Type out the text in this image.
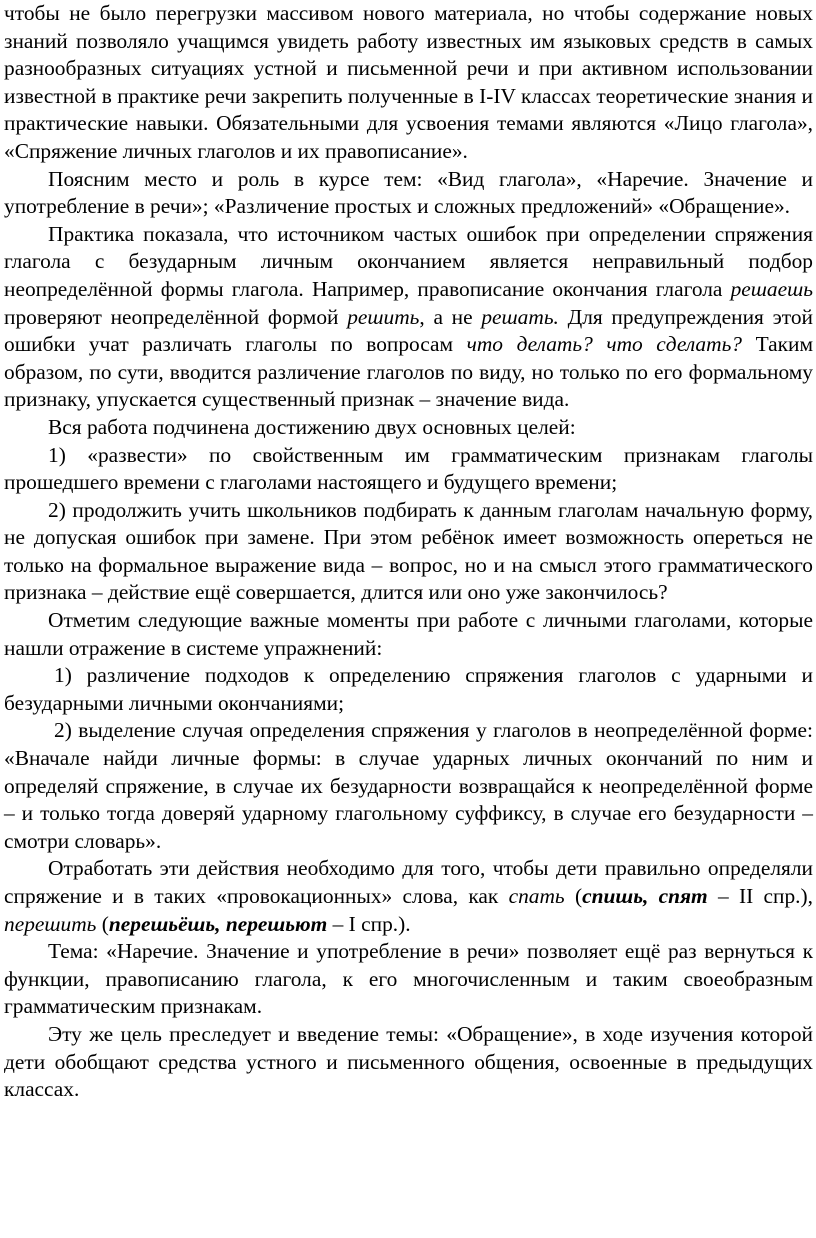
чтобы не было перегрузки массивом нового материала, но чтобы содержание новых знаний позволяло учащимся увидеть работу известных им языковых средств в самых разнообразных ситуациях устной и письменной речи и при активном использовании известной в практике речи закрепить полученные в I-IV классах теоретические знания и практические навыки. Обязательными для усвоения темами являются «Лицо глагола», «Спряжение личных глаголов и их правописание».

Поясним место и роль в курсе тем: «Вид глагола», «Наречие. Значение и употребление в речи»; «Различение простых и сложных предложений» «Обращение».

Практика показала, что источником частых ошибок при определении спряжения глагола с безударным личным окончанием является неправильный подбор неопределённой формы глагола. Например, правописание окончания глагола решаешь проверяют неопределённой формой решить, а не решать. Для предупреждения этой ошибки учат различать глаголы по вопросам что делать? что сделать? Таким образом, по сути, вводится различение глаголов по виду, но только по его формальному признаку, упускается существенный признак – значение вида.

Вся работа подчинена достижению двух основных целей:

1) «развести» по свойственным им грамматическим признакам глаголы прошедшего времени с глаголами настоящего и будущего времени;

2) продолжить учить школьников подбирать к данным глаголам начальную форму, не допуская ошибок при замене. При этом ребёнок имеет возможность опереться не только на формальное выражение вида – вопрос, но и на смысл этого грамматического признака – действие ещё совершается, длится или оно уже закончилось?

Отметим следующие важные моменты при работе с личными глаголами, которые нашли отражение в системе упражнений:

1) различение подходов к определению спряжения глаголов с ударными и безударными личными окончаниями;

2) выделение случая определения спряжения у глаголов в неопределённой форме: «Вначале найди личные формы: в случае ударных личных окончаний по ним и определяй спряжение, в случае их безударности возвращайся к неопределённой форме – и только тогда доверяй ударному глагольному суффиксу, в случае его безударности – смотри словарь».

Отработать эти действия необходимо для того, чтобы дети правильно определяли спряжение и в таких «провокационных» слова, как спать (спишь, спят – II спр.), перешить (перешьёшь, перешьют – I спр.).

Тема: «Наречие. Значение и употребление в речи» позволяет ещё раз вернуться к функции, правописанию глагола, к его многочисленным и таким своеобразным грамматическим признакам.

Эту же цель преследует и введение темы: «Обращение», в ходе изучения которой дети обобщают средства устного и письменного общения, освоенные в предыдущих классах.
